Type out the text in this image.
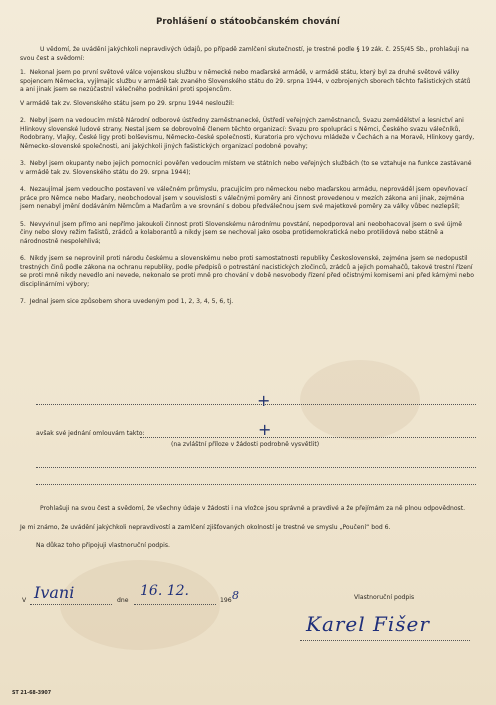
Prohlášení o státoobčanském chování

U vědomí, že uvádění jakýchkoli nepravdivých údajů, po případě zamlčení skutečností, je trestné podle § 19 zák. č. 255/45 Sb., prohlašuji na svou čest a svědomí:

1. Nekonal jsem po první světové válce vojenskou službu v německé nebo maďarské armádě, v armádě státu, který byl za druhé světové války spojencem Německa, vyjímajíc službu v armádě tak zvaného Slovenského státu do 29. srpna 1944, v ozbrojených sborech těchto fašistických států a ani jinak jsem se nezúčastnil válečného podnikání proti spojencům.

V armádě tak zv. Slovenského státu jsem po 29. srpnu 1944 nesloužil:

2. Nebyl jsem na vedoucím místě Národní odborové ústředny zaměstnanecké, Ústředí veřejných zaměstnanců, Svazu zemědělství a lesnictví ani Hlinkovy slovenské ludové strany. Nestal jsem se dobrovolně členem těchto organizací: Svazu pro spolupráci s Němci, Českého svazu válečníků, Rodobrany, Vlajky, České ligy proti bolševismu, Německo-české společnosti, Kuratoria pro výchovu mládeže v Čechách a na Moravě, Hlinkovy gardy, Německo-slovenské společnosti, ani jakýchkoli jiných fašistických organizací podobné povahy;

3. Nebyl jsem okupanty nebo jejich pomocníci pověřen vedoucím místem ve státních nebo veřejných službách (to se vztahuje na funkce zastávané v armádě tak zv. Slovenského státu do 29. srpna 1944);

4. Nezaujímal jsem vedoucího postavení ve válečném průmyslu, pracujícím pro německou nebo maďarskou armádu, neprováděl jsem opevňovací práce pro Němce nebo Maďary, neobchodoval jsem v souvislosti s válečnými poměry ani činnost provedenou v mezích zákona ani jinak, zejména jsem nenabyl jmění dodáváním Němcům a Maďarům a ve srovnání s dobou předválečnou jsem své majetkové poměry za války vůbec nezlepšil;

5. Nevyvinul jsem přímo ani nepřímo jakoukoli činnost proti Slovenskému národnímu povstání, nepodporoval ani neobohacoval jsem o své újmě činy nebo slovy režim fašistů, zrádců a kolaborantů a nikdy jsem se nechoval jako osoba protidemokratická nebo protilidová nebo státně a národnostně nespolehlivá;

6. Nikdy jsem se neprovinil proti národu českému a slovenskému nebo proti samostatnosti republiky Československé, zejména jsem se nedopustil trestných činů podle zákona na ochranu republiky, podle předpisů o potrestání nacistických zločinců, zrádců a jejich pomahačů, takové trestní řízení se proti mně nikdy nevedlo ani nevede, nekonalo se proti mně pro chování v době nesvobody řízení před očistnými komisemi ani před kárnými nebo disciplinárními výbory;

7. Jednal jsem sice způsobem shora uvedeným pod 1, 2, 3, 4, 5, 6, tj.

+
avšak své jednání omlouvám takto:	+
(na zvláštní příloze v žádosti podrobně vysvětlit)

Prohlašuji na svou čest a svědomí, že všechny údaje v žádosti i na vložce jsou správné a pravdivé a že přejímám za ně plnou odpovědnost.

Je mi známo, že uvádění jakýchkoli nepravdivostí a zamlčení zjišťovaných okolností je trestné ve smyslu „Poučení“ bod 6.

Na důkaz toho připojuji vlastnoruční podpis.

V Ivani	dne
16. 12.
196 8	Vlastnoruční podpis
Karel Fišer
ST 21-68-3907
